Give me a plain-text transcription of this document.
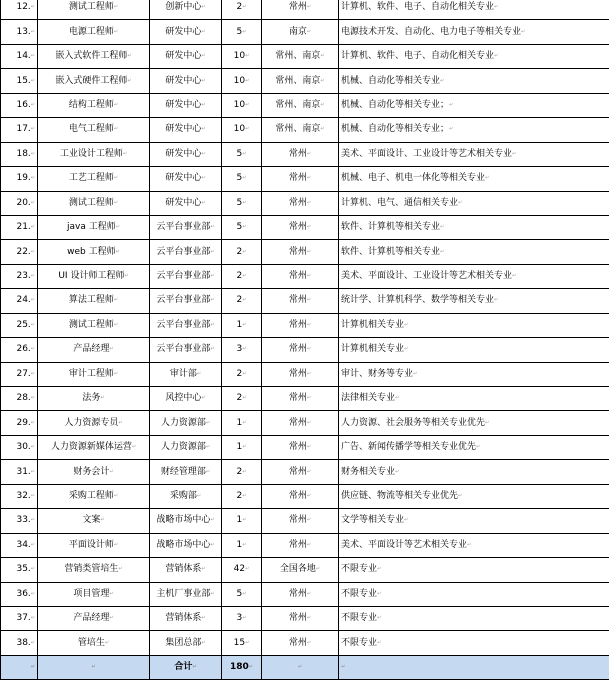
12. ↵	测试工程师 ↵	创新中心 ↵	2 ↵	常州 ↵	计算机、软件、电子、自动化相关专业 ↵
13. ↵	电源工程师 ↵	研发中心 ↵	5 ↵	南京 ↵	电源技术开发、自动化、电力电子等相关专业 ↵
14. ↵	嵌入式软件工程师 ↵	研发中心 ↵	10 ↵	常州、南京 ↵	计算机、软件、电子、自动化相关专业 ↵
15. ↵	嵌入式硬件工程师 ↵	研发中心 ↵	10 ↵	常州、南京 ↵	机械、自动化等相关专业 ↵
16. ↵	结构工程师 ↵	研发中心 ↵	10 ↵	常州、南京 ↵	机械、自动化等相关专业； ↵
17. ↵	电气工程师 ↵	研发中心 ↵	10 ↵	常州、南京 ↵	机械、自动化等相关专业； ↵
18. ↵	工业设计工程师 ↵	研发中心 ↵	5 ↵	常州 ↵	美术、平面设计、工业设计等艺术相关专业 ↵
19. ↵	工艺工程师 ↵	研发中心 ↵	5 ↵	常州 ↵	机械、电子、机电一体化等相关专业 ↵
20. ↵	测试工程师 ↵	研发中心 ↵	5 ↵	常州 ↵	计算机、电气、通信相关专业 ↵
21. ↵	java 工程师 ↵	云平台事业部 ↵	5 ↵	常州 ↵	软件、计算机等相关专业 ↵
22. ↵	web 工程师 ↵	云平台事业部 ↵	2 ↵	常州 ↵	软件、计算机等相关专业 ↵
23. ↵	UI 设计师工程师 ↵	云平台事业部 ↵	2 ↵	常州 ↵	美术、平面设计、工业设计等艺术相关专业 ↵
24. ↵	算法工程师 ↵	云平台事业部 ↵	2 ↵	常州 ↵	统计学、计算机科学、数学等相关专业 ↵
25. ↵	测试工程师 ↵	云平台事业部 ↵	1 ↵	常州 ↵	计算机相关专业 ↵
26. ↵	产品经理 ↵	云平台事业部 ↵	3 ↵	常州 ↵	计算机相关专业 ↵
27. ↵	审计工程师 ↵	审计部 ↵	2 ↵	常州 ↵	审计、财务等专业 ↵
28. ↵	法务 ↵	风控中心 ↵	2 ↵	常州 ↵	法律相关专业 ↵
29. ↵	人力资源专员 ↵	人力资源部 ↵	1 ↵	常州 ↵	人力资源、社会服务等相关专业优先 ↵
30. ↵	人力资源新媒体运营 ↵	人力资源部 ↵	1 ↵	常州 ↵	广告、新闻传播学等相关专业优先 ↵
31. ↵	财务会计 ↵	财经管理部 ↵	2 ↵	常州 ↵	财务相关专业 ↵
32. ↵	采购工程师 ↵	采购部 ↵	2 ↵	常州 ↵	供应链、物流等相关专业优先 ↵
33. ↵	文案 ↵	战略市场中心 ↵	1 ↵	常州 ↵	文学等相关专业 ↵
34. ↵	平面设计师 ↵	战略市场中心 ↵	1 ↵	常州 ↵	美术、平面设计等艺术相关专业 ↵
35. ↵	营销类管培生 ↵	营销体系 ↵	42 ↵	全国各地 ↵	不限专业 ↵
36. ↵	项目管理 ↵	主机厂事业部 ↵	5 ↵	常州 ↵	不限专业 ↵
37. ↵	产品经理 ↵	营销体系 ↵	3 ↵	常州 ↵	不限专业 ↵
38. ↵	管培生 ↵	集团总部 ↵	15 ↵	常州 ↵	不限专业 ↵
↵	↵	合计 ↵	180 ↵	↵	↵
